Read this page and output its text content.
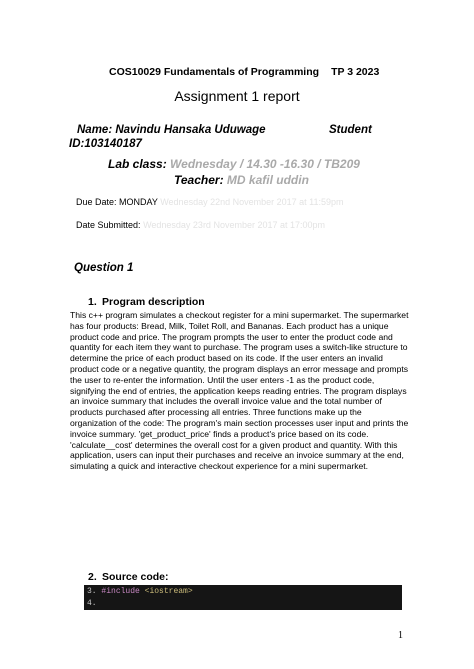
COS10029 Fundamentals of Programming TP 3 2023
Assignment 1 report
Name: Navindu Hansaka Uduwage	Student
ID:103140187
Lab class: Wednesday / 14.30 -16.30 / TB209
Teacher: MD kafil uddin
Due Date: MONDAY Wednesday 22nd November 2017 at 11:59pm
Date Submitted: Wednesday 23rd November 2017 at 17:00pm
Question 1
1. Program description
This c++ program simulates a checkout register for a mini supermarket. The supermarket has four products: Bread, Milk, Toilet Roll, and Bananas. Each product has a unique product code and price. The program prompts the user to enter the product code and quantity for each item they want to purchase. The program uses a switch-like structure to determine the price of each product based on its code. If the user enters an invalid product code or a negative quantity, the program displays an error message and prompts the user to re-enter the information. Until the user enters -1 as the product code, signifying the end of entries, the application keeps reading entries. The program displays an invoice summary that includes the overall invoice value and the total number of products purchased after processing all entries. Three functions make up the organization of the code: The program's main section processes user input and prints the invoice summary. 'get_product_price' finds a product's price based on its code. 'calculate__cost' determines the overall cost for a given product and quantity. With this application, users can input their purchases and receive an invoice summary at the end, simulating a quick and interactive checkout experience for a mini supermarket.
2. Source code:
3. #include <iostream>
4.
1
